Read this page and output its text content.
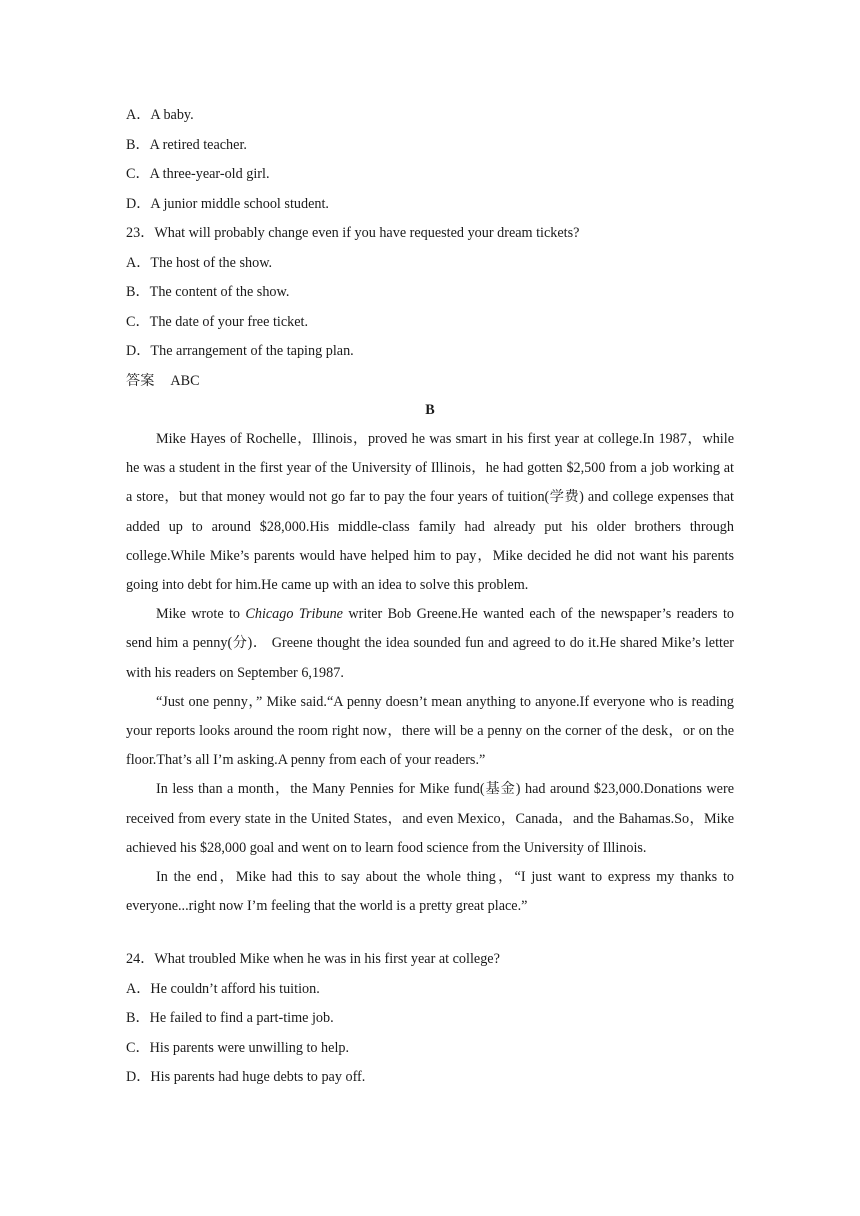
A．A baby.
B．A retired teacher.
C．A three-year-old girl.
D．A junior middle school student.
23．What will probably change even if you have requested your dream tickets?
A．The host of the show.
B．The content of the show.
C．The date of your free ticket.
D．The arrangement of the taping plan.
答案 ABC
B

Mike Hayes of Rochelle，Illinois，proved he was smart in his first year at college.In 1987，while he was a student in the first year of the University of Illinois，he had gotten $2,500 from a job working at a store，but that money would not go far to pay the four years of tuition(学费) and college expenses that added up to around $28,000.His middle-class family had already put his older brothers through college.While Mike’s parents would have helped him to pay，Mike decided he did not want his parents going into debt for him.He came up with an idea to solve this problem.

Mike wrote to Chicago Tribune writer Bob Greene.He wanted each of the newspaper’s readers to send him a penny(分)． Greene thought the idea sounded fun and agreed to do it.He shared Mike’s letter with his readers on September 6,1987.

“Just one penny，” Mike said.“A penny doesn’t mean anything to anyone.If everyone who is reading your reports looks around the room right now，there will be a penny on the corner of the desk，or on the floor.That’s all I’m asking.A penny from each of your readers.”

In less than a month，the Many Pennies for Mike fund(基金) had around $23,000.Donations were received from every state in the United States，and even Mexico，Canada，and the Bahamas.So，Mike achieved his $28,000 goal and went on to learn food science from the University of Illinois.

In the end，Mike had this to say about the whole thing，“I just want to express my thanks to everyone...right now I’m feeling that the world is a pretty great place.”

24．What troubled Mike when he was in his first year at college?
A．He couldn’t afford his tuition.
B．He failed to find a part-time job.
C．His parents were unwilling to help.
D．His parents had huge debts to pay off.
